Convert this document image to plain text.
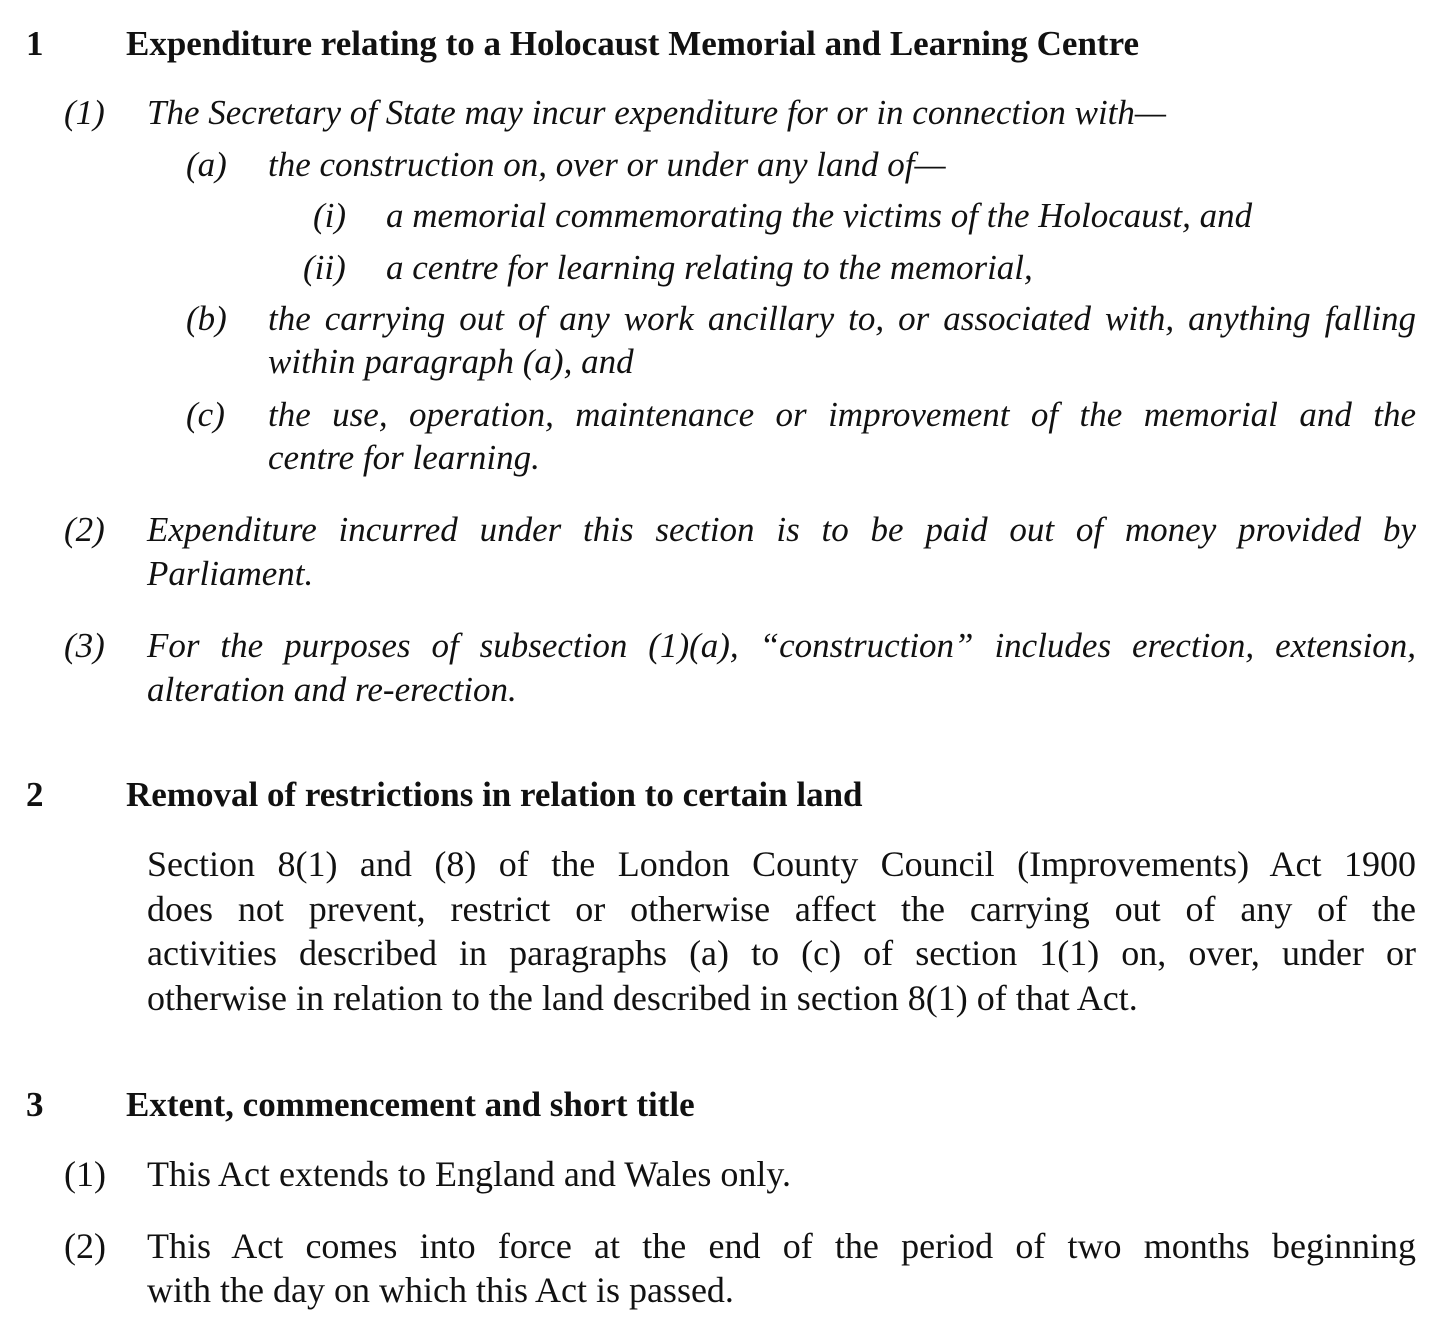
1 Expenditure relating to a Holocaust Memorial and Learning Centre
(1) The Secretary of State may incur expenditure for or in connection with—
(a) the construction on, over or under any land of—
(i) a memorial commemorating the victims of the Holocaust, and
(ii) a centre for learning relating to the memorial,
(b) the carrying out of any work ancillary to, or associated with, anything falling
within paragraph (a), and
(c) the use, operation, maintenance or improvement of the memorial and the
centre for learning.
(2) Expenditure incurred under this section is to be paid out of money provided by
Parliament.
(3) For the purposes of subsection (1)(a), “construction” includes erection, extension,
alteration and re-erection.
2 Removal of restrictions in relation to certain land
Section 8(1) and (8) of the London County Council (Improvements) Act 1900
does not prevent, restrict or otherwise affect the carrying out of any of the
activities described in paragraphs (a) to (c) of section 1(1) on, over, under or
otherwise in relation to the land described in section 8(1) of that Act.
3 Extent, commencement and short title
(1) This Act extends to England and Wales only.
(2) This Act comes into force at the end of the period of two months beginning
with the day on which this Act is passed.
